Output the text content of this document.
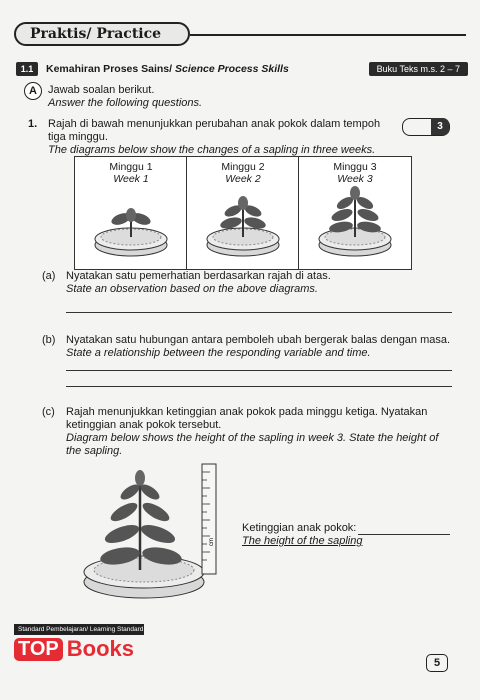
Praktis/ Practice
1.1	Kemahiran Proses Sains/ Science Process Skills	Buku Teks m.s. 2 – 7
A	Jawab soalan berikut.
Answer the following questions.
1. Rajah di bawah menunjukkan perubahan anak pokok dalam tempoh
tiga minggu.
The diagrams below show the changes of a sapling in three weeks.
3
Minggu 1
Week 1
Minggu 2
Week 2
Minggu 3
Week 3
(a) Nyatakan satu pemerhatian berdasarkan rajah di atas.
State an observation based on the above diagrams.
(b) Nyatakan satu hubungan antara pemboleh ubah bergerak balas dengan masa.
State a relationship between the responding variable and time.
(c) Rajah menunjukkan ketinggian anak pokok pada minggu ketiga. Nyatakan
ketinggian anak pokok tersebut.
Diagram below shows the height of the sapling in week 3. State the height of
the sapling.
cm
Ketinggian anak pokok:
The height of the sapling
Standard Pembelajaran/ Learning Standard
TOP Books
5
